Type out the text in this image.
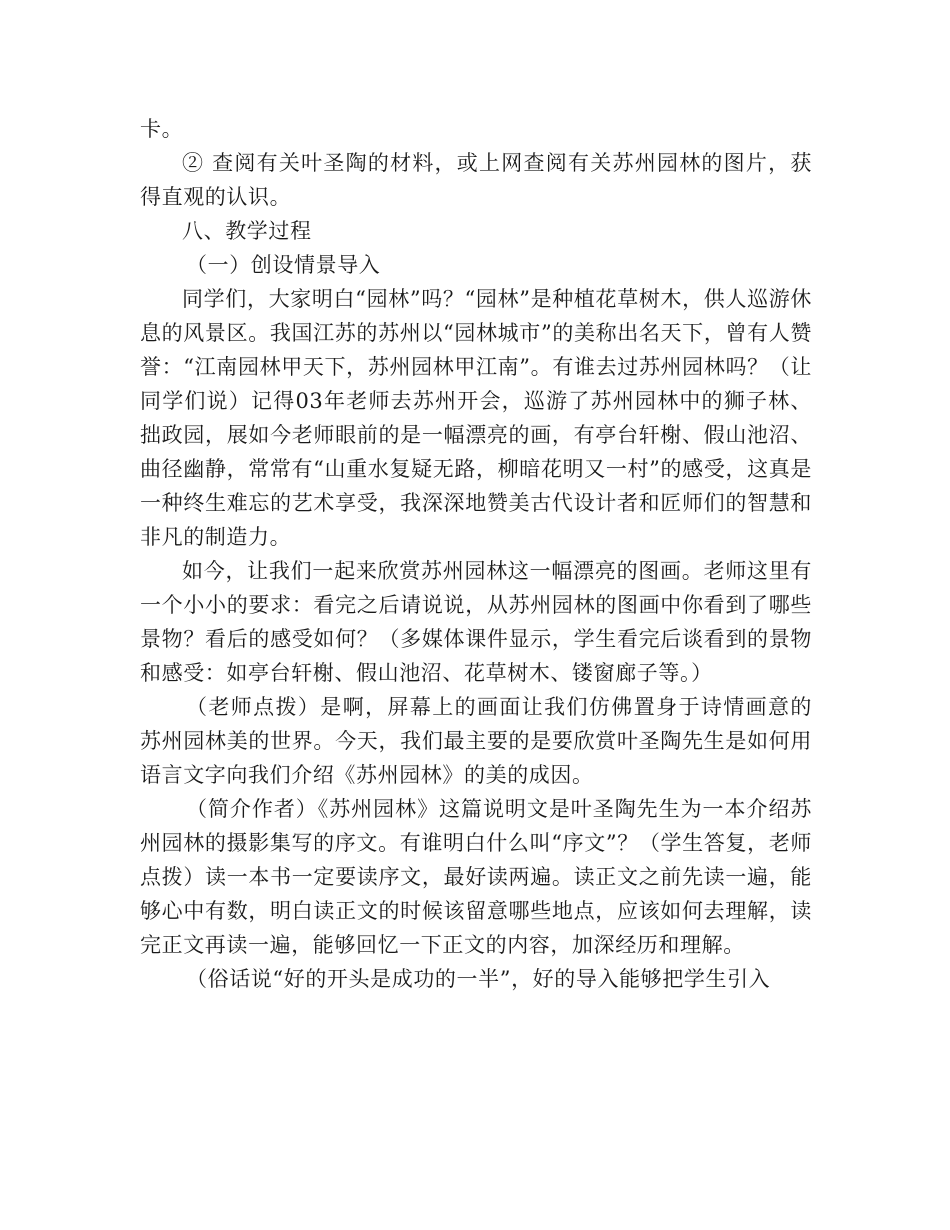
卡。

② 查阅有关叶圣陶的材料，或上网查阅有关苏州园林的图片，获得直观的认识。

八、教学过程

（一）创设情景导入

同学们，大家明白“园林”吗？“园林”是种植花草树木，供人巡游休息的风景区。我国江苏的苏州以“园林城市”的美称出名天下，曾有人赞誉：“江南园林甲天下，苏州园林甲江南”。有谁去过苏州园林吗？（让同学们说）记得03年老师去苏州开会，巡游了苏州园林中的狮子林、拙政园，展如今老师眼前的是一幅漂亮的画，有亭台轩榭、假山池沼、曲径幽静，常常有“山重水复疑无路，柳暗花明又一村”的感受，这真是一种终生难忘的艺术享受，我深深地赞美古代设计者和匠师们的智慧和非凡的制造力。

如今，让我们一起来欣赏苏州园林这一幅漂亮的图画。老师这里有一个小小的要求：看完之后请说说，从苏州园林的图画中你看到了哪些景物？看后的感受如何？（多媒体课件显示，学生看完后谈看到的景物和感受：如亭台轩榭、假山池沼、花草树木、镂窗廊子等。）

（老师点拨）是啊，屏幕上的画面让我们仿佛置身于诗情画意的苏州园林美的世界。今天，我们最主要的是要欣赏叶圣陶先生是如何用语言文字向我们介绍《苏州园林》的美的成因。

（简介作者）《苏州园林》这篇说明文是叶圣陶先生为一本介绍苏州园林的摄影集写的序文。有谁明白什么叫“序文”？（学生答复，老师点拨）读一本书一定要读序文，最好读两遍。读正文之前先读一遍，能够心中有数，明白读正文的时候该留意哪些地点，应该如何去理解，读完正文再读一遍，能够回忆一下正文的内容，加深经历和理解。

（俗话说“好的开头是成功的一半”，好的导入能够把学生引入
